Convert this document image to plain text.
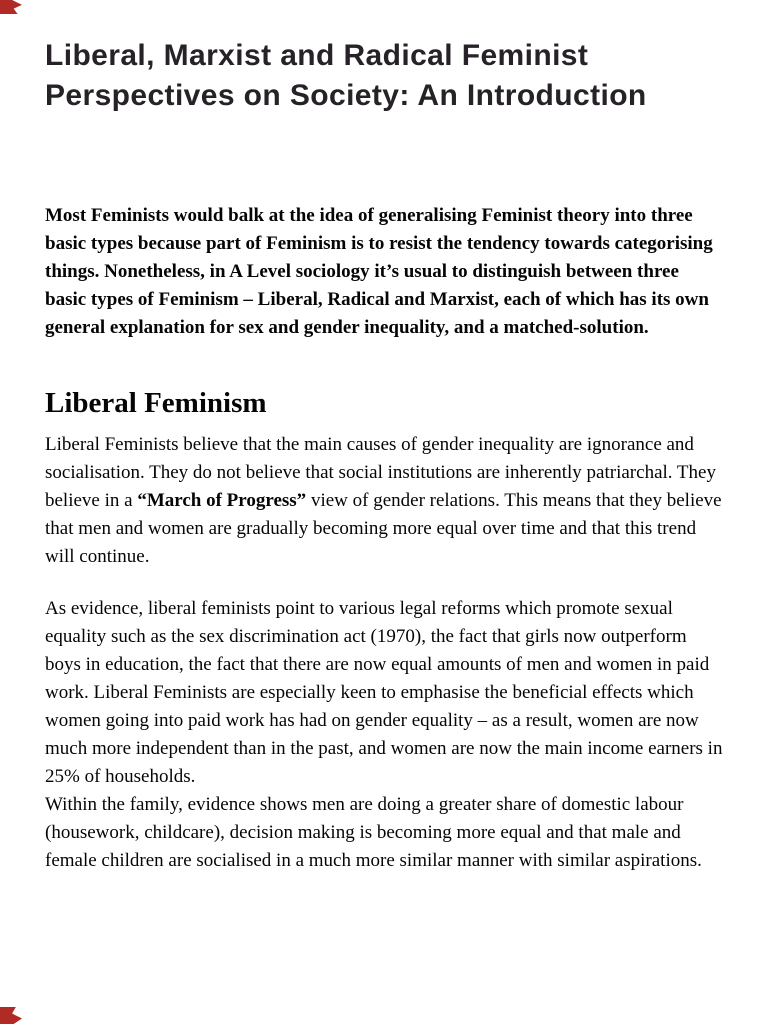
Liberal, Marxist and Radical Feminist Perspectives on Society: An Introduction

Most Feminists would balk at the idea of generalising Feminist theory into three basic types because part of Feminism is to resist the tendency towards categorising things. Nonetheless, in A Level sociology it’s usual to distinguish between three basic types of Feminism – Liberal, Radical and Marxist, each of which has its own general explanation for sex and gender inequality, and a matched-solution.

Liberal Feminism

Liberal Feminists believe that the main causes of gender inequality are ignorance and socialisation. They do not believe that social institutions are inherently patriarchal. They believe in a “March of Progress” view of gender relations. This means that they believe that men and women are gradually becoming more equal over time and that this trend will continue.

As evidence, liberal feminists point to various legal reforms which promote sexual equality such as the sex discrimination act (1970), the fact that girls now outperform boys in education, the fact that there are now equal amounts of men and women in paid work. Liberal Feminists are especially keen to emphasise the beneficial effects which women going into paid work has had on gender equality – as a result, women are now much more independent than in the past, and women are now the main income earners in 25% of households.

Within the family, evidence shows men are doing a greater share of domestic labour (housework, childcare), decision making is becoming more equal and that male and female children are socialised in a much more similar manner with similar aspirations.
